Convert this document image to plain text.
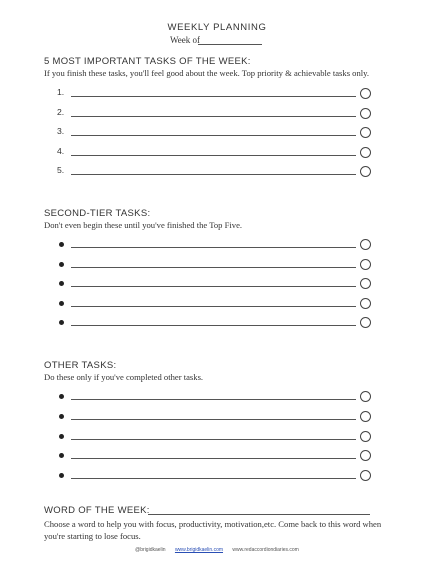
WEEKLY PLANNING
Week of
5 MOST IMPORTANT TASKS OF THE WEEK:
If you finish these tasks, you'll feel good about the week. Top priority & achievable tasks only.
1.
2.
3.
4.
5.
SECOND-TIER TASKS:
Don't even begin these until you've finished the Top Five.
OTHER TASKS:
Do these only if you've completed other tasks.
WORD OF THE WEEK:
Choose a word to help you with focus, productivity, motivation,etc. Come back to this word when you're starting to lose focus.
@brigidkaelin www.brigidkaelin.com www.redaccordiondiaries.com
